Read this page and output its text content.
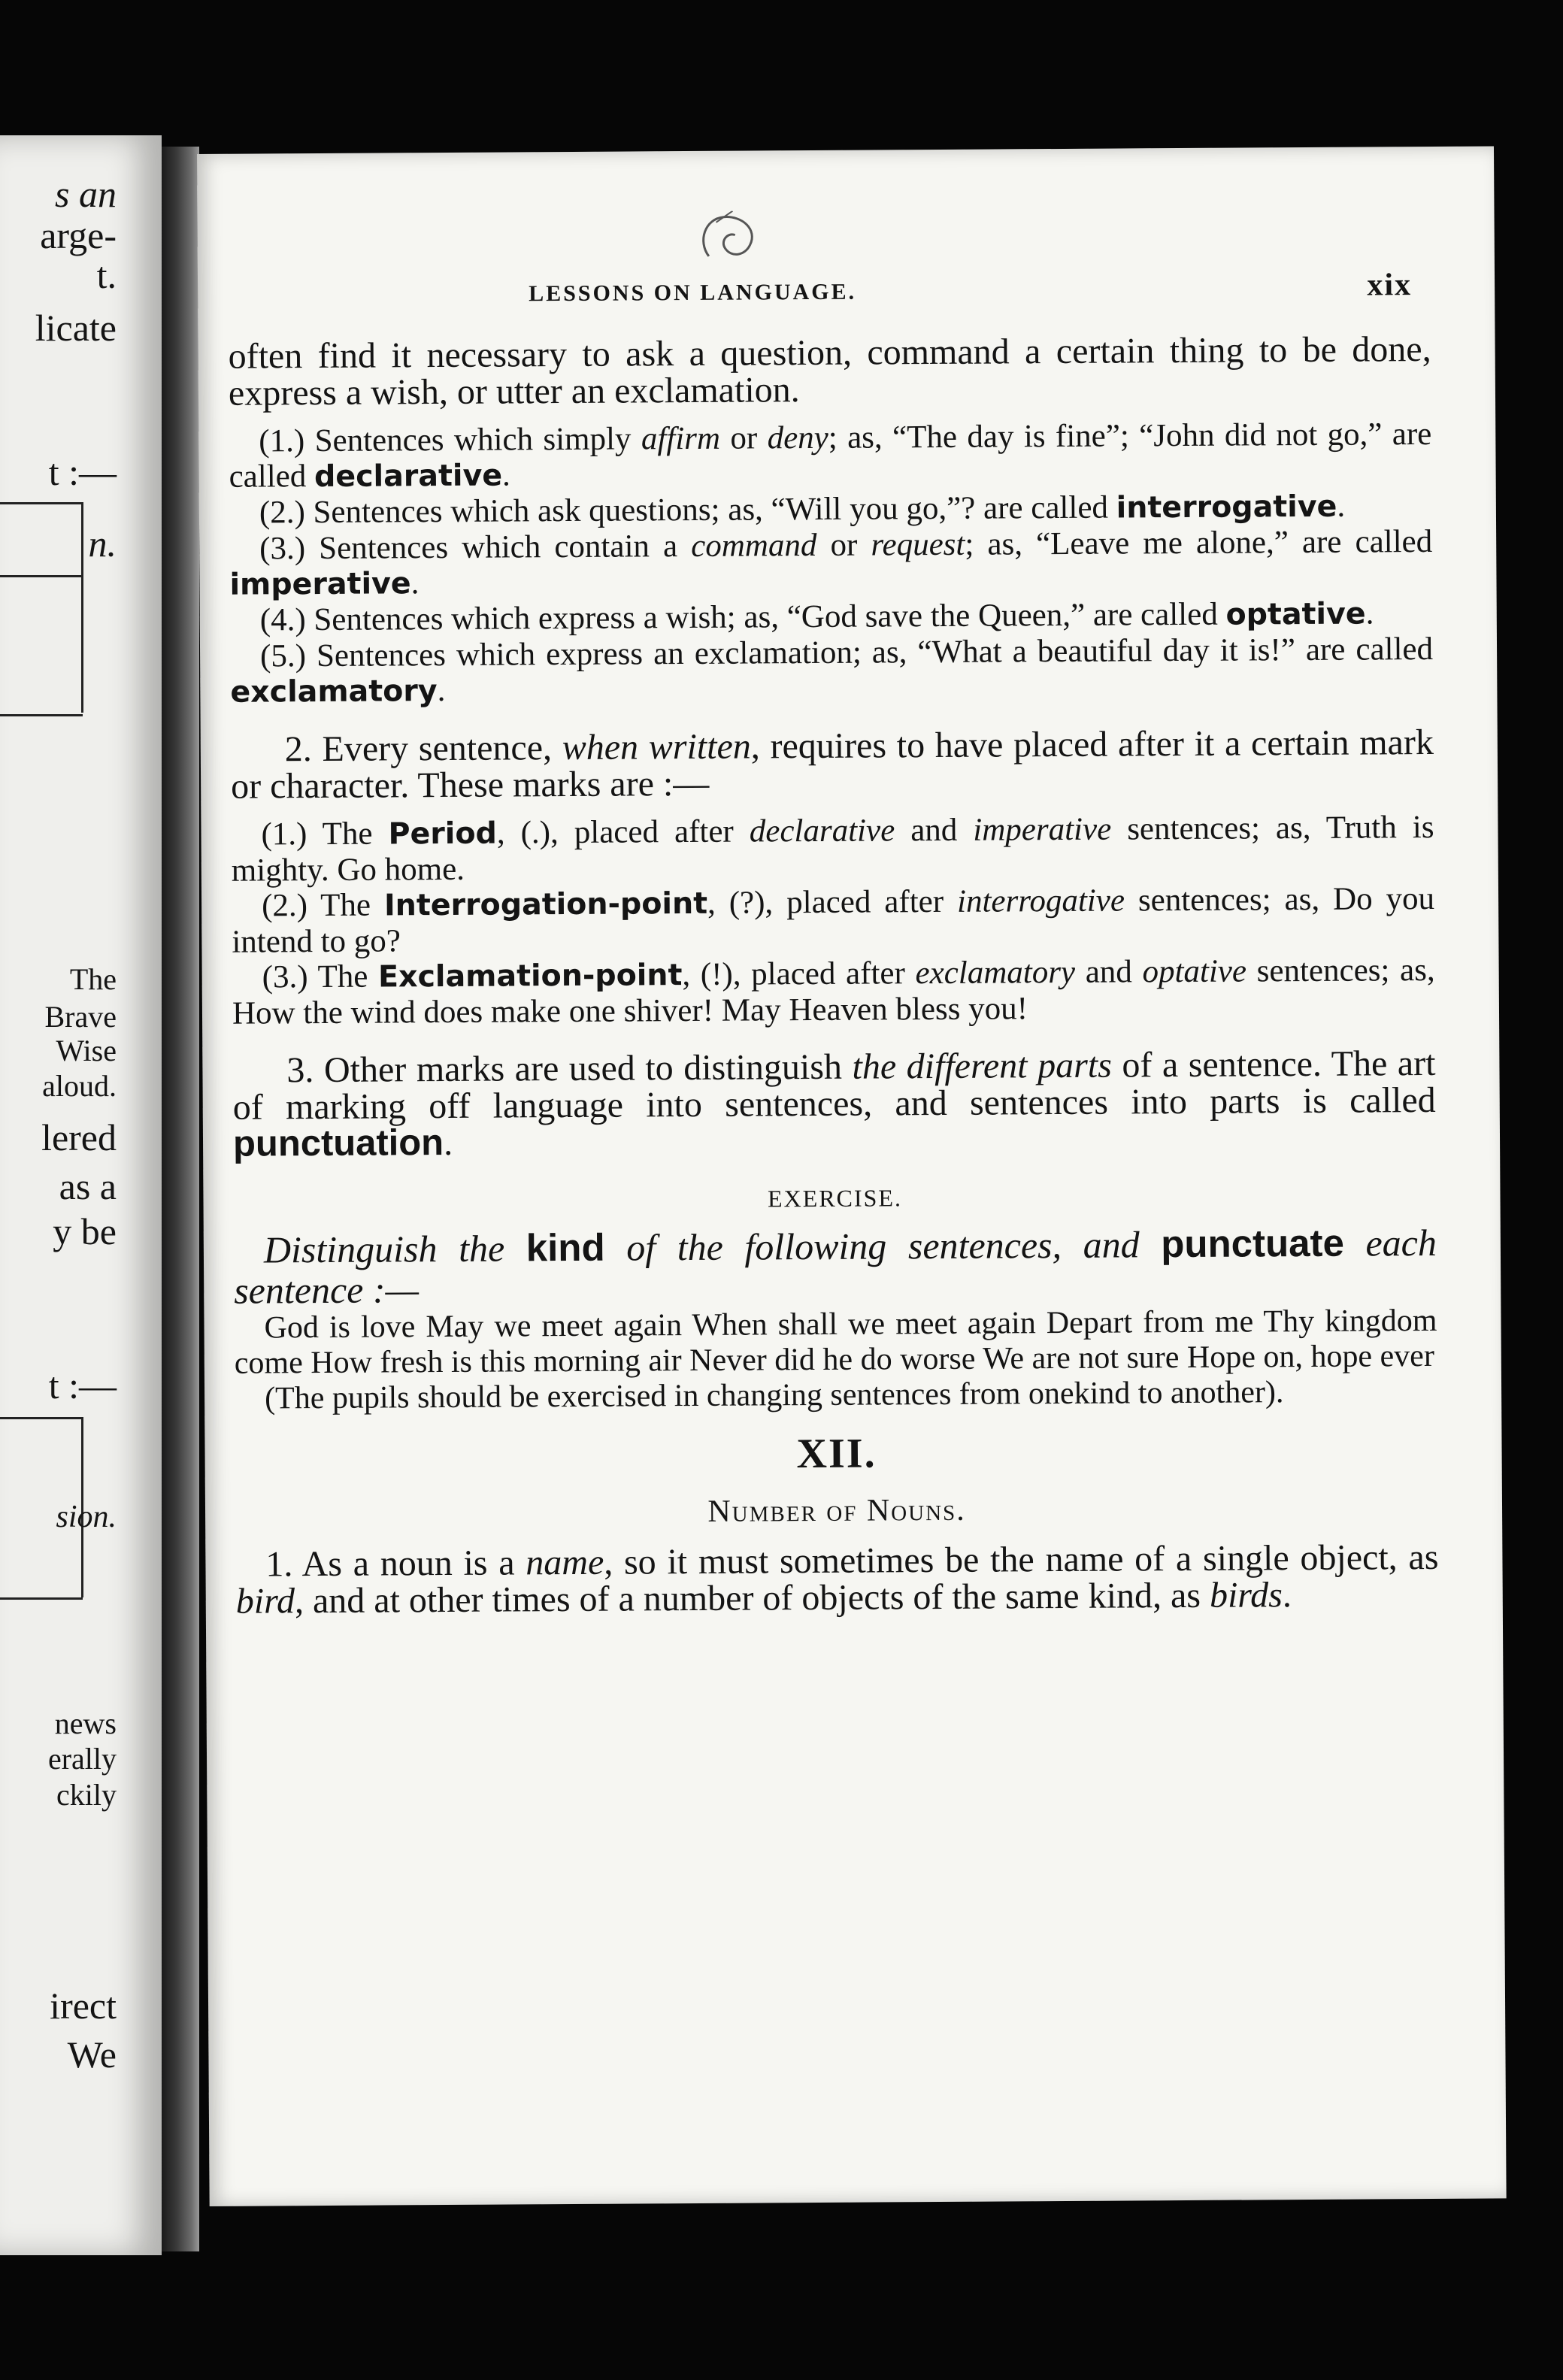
s an
arge-
t.
licate
t :—
n.
The
Brave
Wise
aloud.
lered
as a
y be
t :—
sion.
news
erally
ckily
irect
We
LESSONS ON LANGUAGE.	xix

often find it necessary to ask a question, command a certain thing to be done, express a wish, or utter an exclamation.

(1.) Sentences which simply affirm or deny; as, “The day is fine”; “John did not go,” are called declarative.

(2.) Sentences which ask questions; as, “Will you go,”? are called interrogative.

(3.) Sentences which contain a command or request; as, “Leave me alone,” are called imperative.

(4.) Sentences which express a wish; as, “God save the Queen,” are called optative.

(5.) Sentences which express an exclamation; as, “What a beautiful day it is!” are called exclamatory.

2. Every sentence, when written, requires to have placed after it a certain mark or character. These marks are :—

(1.) The Period, (.), placed after declarative and imperative sentences; as, Truth is mighty. Go home.

(2.) The Interrogation-point, (?), placed after interrogative sentences; as, Do you intend to go?

(3.) The Exclamation-point, (!), placed after exclamatory and optative sentences; as, How the wind does make one shiver! May Heaven bless you!

3. Other marks are used to distinguish the different parts of a sentence. The art of marking off language into sentences, and sentences into parts is called punctuation.

EXERCISE.

Distinguish the kind of the following sentences, and punctuate each sentence :—

God is love May we meet again When shall we meet again Depart from me Thy kingdom come How fresh is this morning air Never did he do worse We are not sure Hope on, hope ever

(The pupils should be exercised in changing sentences from onekind to another).

XII.
Number of Nouns.

1. As a noun is a name, so it must sometimes be the name of a single object, as bird, and at other times of a number of objects of the same kind, as birds.
